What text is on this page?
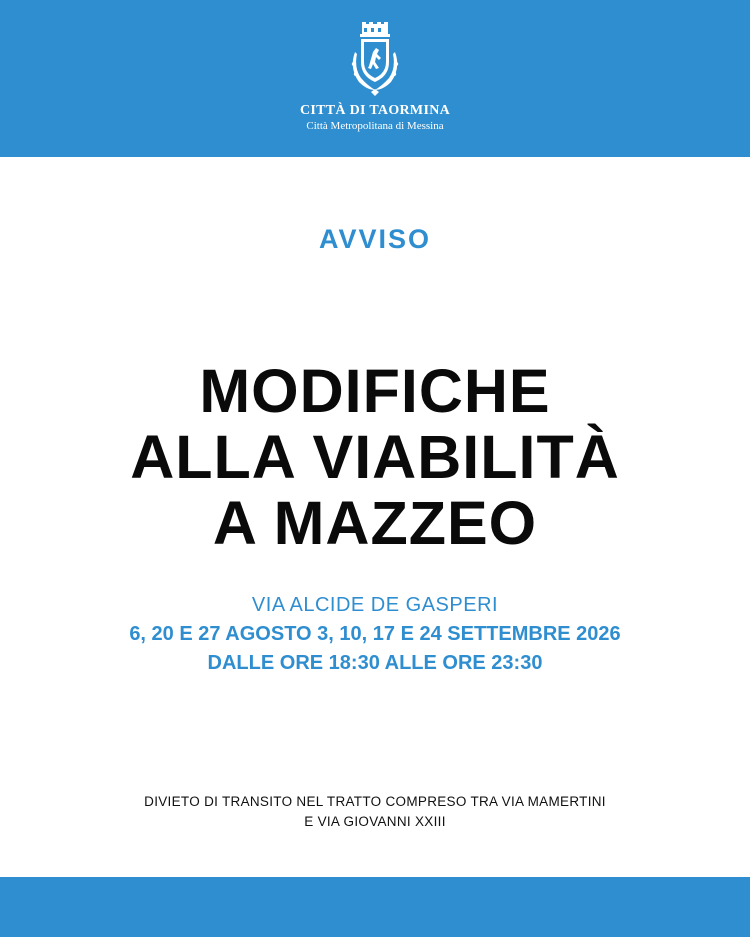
CITTÀ DI TAORMINA
Città Metropolitana di Messina
AVVISO
MODIFICHE
ALLA VIABILITÀ
A MAZZEO
VIA ALCIDE DE GASPERI
6, 20 E 27 AGOSTO 3, 10, 17 E 24 SETTEMBRE 2026
DALLE ORE 18:30 ALLE ORE 23:30
DIVIETO DI TRANSITO NEL TRATTO COMPRESO TRA VIA MAMERTINI
E VIA GIOVANNI XXIII
